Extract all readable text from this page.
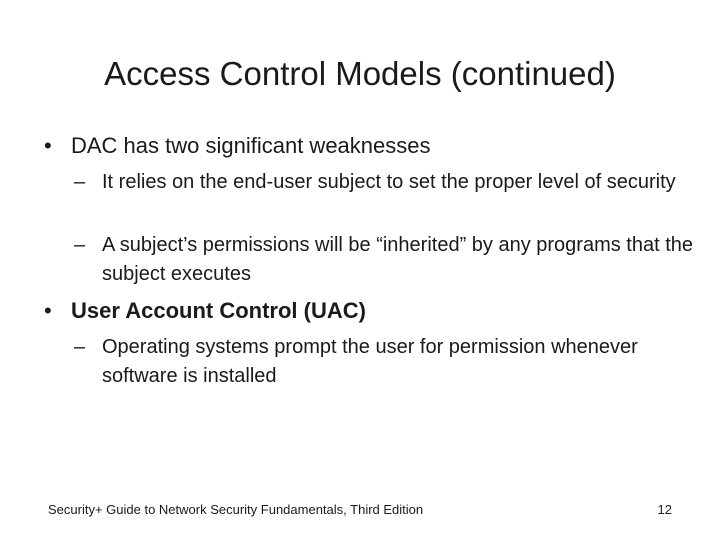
Access Control Models (continued)
• DAC has two significant weaknesses
– It relies on the end-user subject to set the proper level of security
– A subject’s permissions will be “inherited” by any programs that the subject executes
• User Account Control (UAC)
– Operating systems prompt the user for permission whenever software is installed
Security+ Guide to Network Security Fundamentals, Third Edition	12
